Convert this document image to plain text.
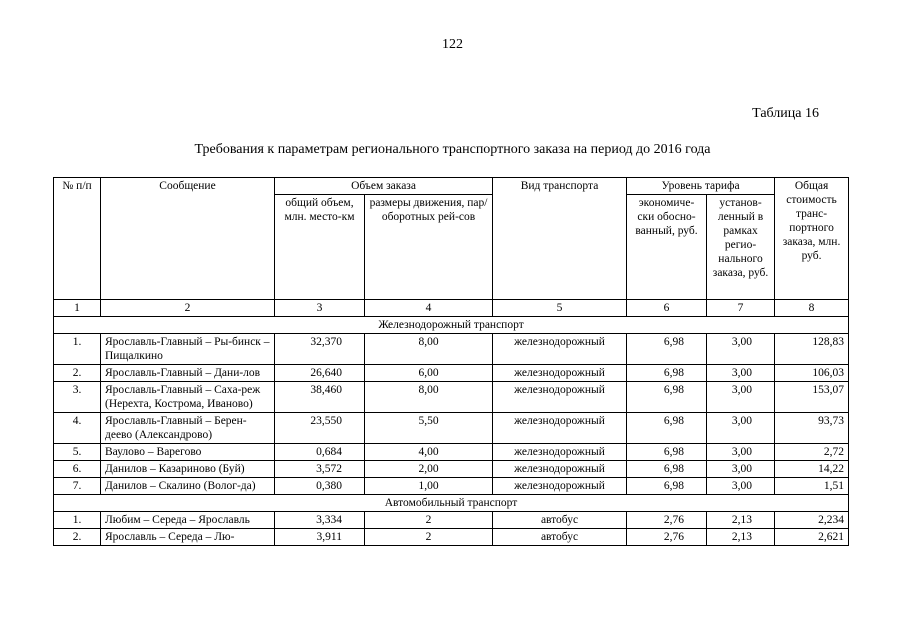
122
Таблица 16
Требования к параметрам регионального транспортного заказа на период до 2016 года
№ п/п	Сообщение	Объем заказа		Вид транспорта	Уровень тарифа		Общая стоимость транс-портного заказа, млн. руб.
		общий объем, млн. место-км	размеры движения, пар/оборотных рей-сов		экономиче-ски обосно-ванный, руб.	установ-ленный в рамках регио-нального заказа, руб.	
1	2	3	4	5	6	7	8
Железнодорожный транспорт							
1.	Ярославль-Главный – Ры-бинск – Пищалкино	32,370	8,00	железнодорожный	6,98	3,00	128,83
2.	Ярославль-Главный – Дани-лов	26,640	6,00	железнодорожный	6,98	3,00	106,03
3.	Ярославль-Главный – Саха-реж (Нерехта, Кострома, Иваново)	38,460	8,00	железнодорожный	6,98	3,00	153,07
4.	Ярославль-Главный – Берен-деево (Александрово)	23,550	5,50	железнодорожный	6,98	3,00	93,73
5.	Ваулово – Варегово	0,684	4,00	железнодорожный	6,98	3,00	2,72
6.	Данилов – Казариново (Буй)	3,572	2,00	железнодорожный	6,98	3,00	14,22
7.	Данилов – Скалино (Волог-да)	0,380	1,00	железнодорожный	6,98	3,00	1,51
Автомобильный транспорт							
1.	Любим – Середа – Ярославль	3,334	2	автобус	2,76	2,13	2,234
2.	Ярославль – Середа – Лю-	3,911	2	автобус	2,76	2,13	2,621
